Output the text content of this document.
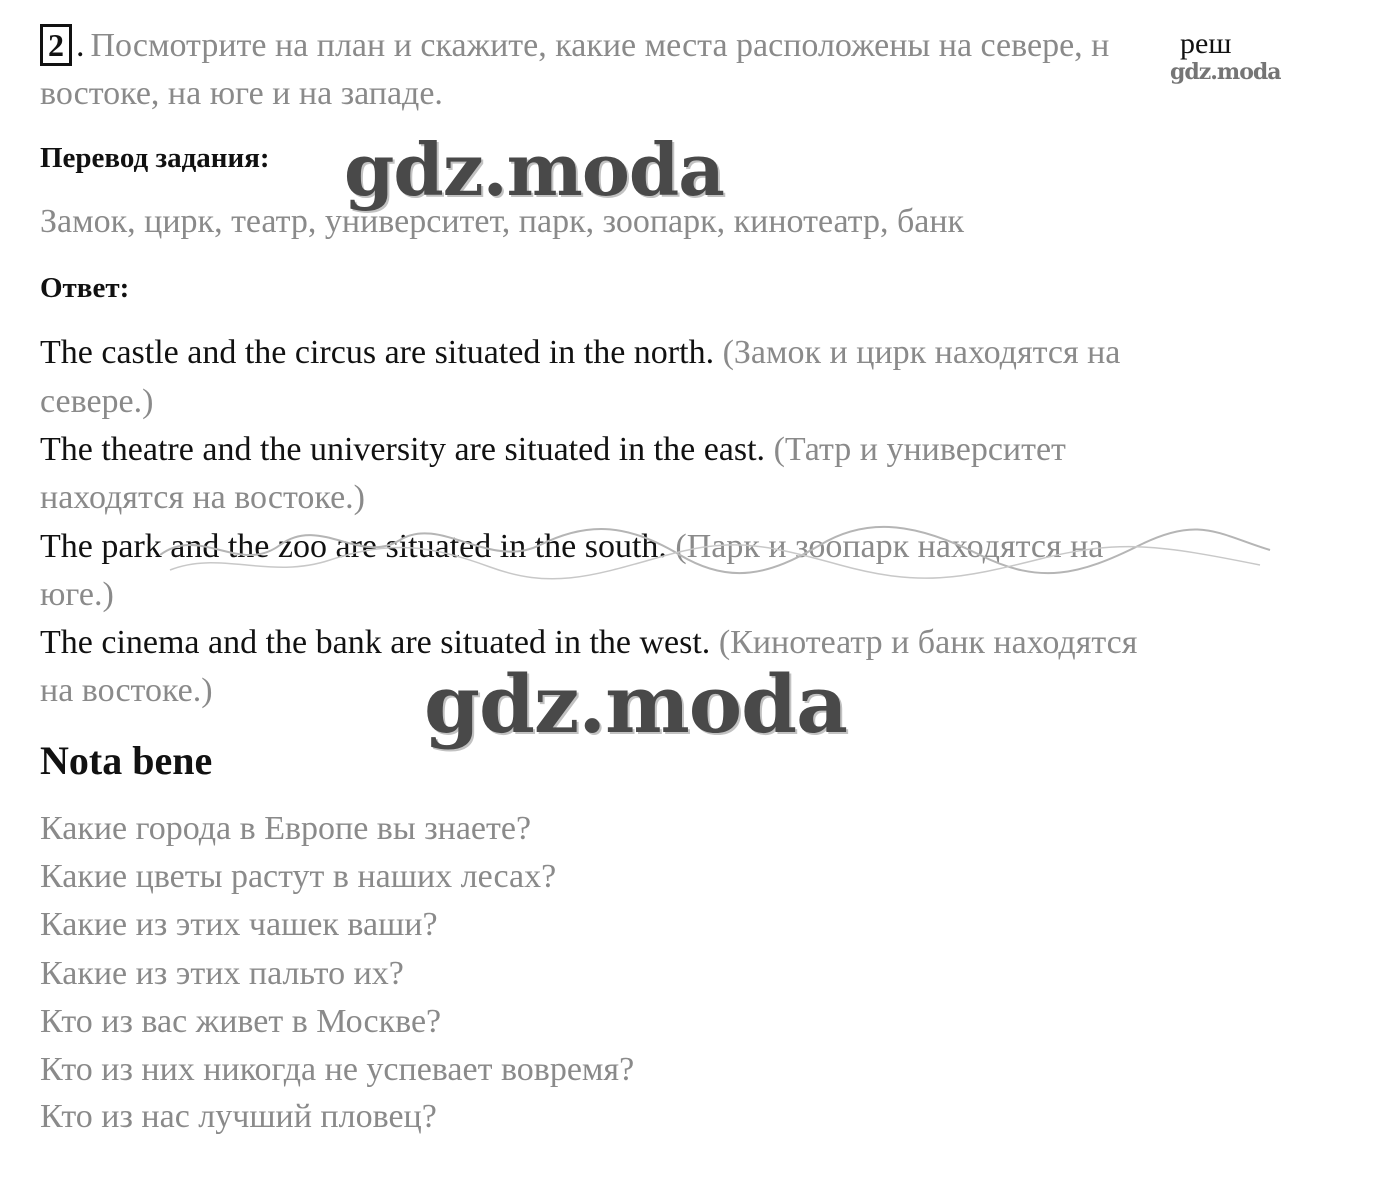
2 . Посмотрите на план и скажите, какие места расположены на севере, н
востоке, на юге и на западе.
реш
gdz.moda
Перевод задания: gdz.moda
Замок, цирк, театр, университет, парк, зоопарк, кинотеатр, банк
Ответ:
The castle and the circus are situated in the north. (Замок и цирк находятся на
севере.)
The theatre and the university are situated in the east. (Татр и университет
находятся на востоке.)
The park and the zoo are situated in the south. (Парк и зоопарк находятся на
юге.)
The cinema and the bank are situated in the west. (Кинотеатр и банк находятся
на востоке.)	gdz.moda
Nota bene
Какие города в Европе вы знаете?
Какие цветы растут в наших лесах?
Какие из этих чашек ваши?
Какие из этих пальто их?
Кто из вас живет в Москве?
Кто из них никогда не успевает вовремя?
Кто из нас лучший пловец?
